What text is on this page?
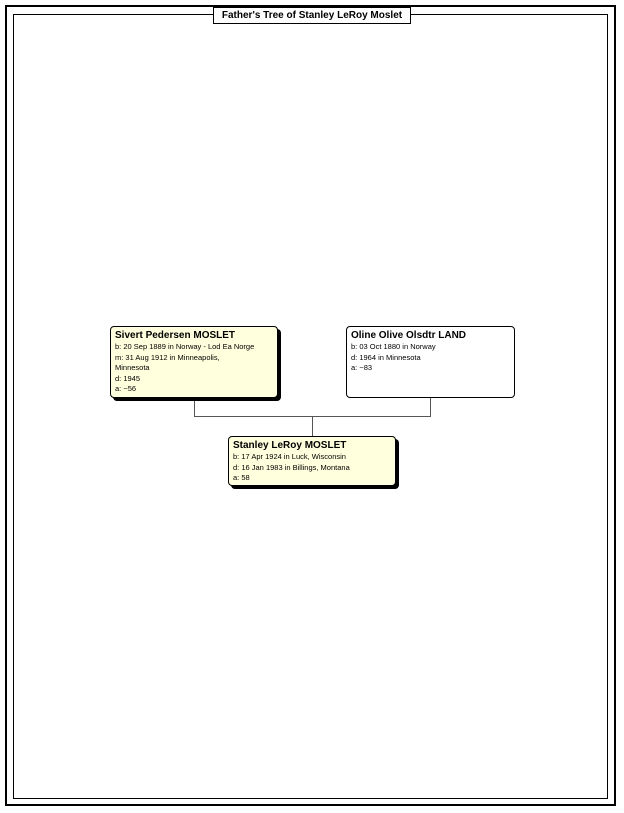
Father's Tree of Stanley LeRoy Moslet
Sivert Pedersen MOSLET
b: 20 Sep 1889 in Norway - Lod Ea Norge
m: 31 Aug 1912 in Minneapolis,
Minnesota
d: 1945
a: ~56
Oline Olive Olsdtr LAND
b: 03 Oct 1880 in Norway
d: 1964 in Minnesota
a: ~83
Stanley LeRoy MOSLET
b: 17 Apr 1924 in Luck, Wisconsin
d: 16 Jan 1983 in Billings, Montana
a: 58
